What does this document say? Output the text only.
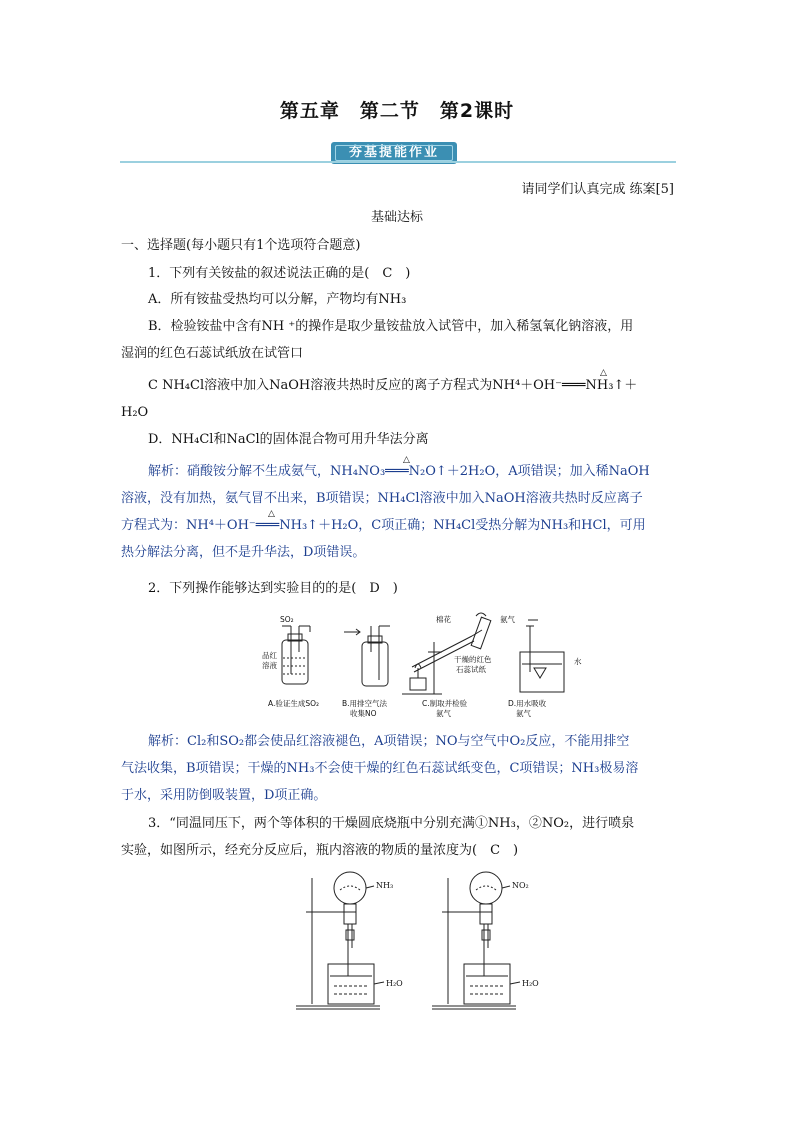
第五章　第二节　第2课时
夯基提能作业
请同学们认真完成 练案[5]
基础达标
一、选择题(每小题只有1个选项符合题意)
1．下列有关铵盐的叙述说法正确的是(　C　)
A．所有铵盐受热均可以分解，产物均有NH₃
B．检验铵盐中含有NH ⁺的操作是取少量铵盐放入试管中，加入稀氢氧化钠溶液，用
湿润的红色石蕊试纸放在试管口
△
C NH₄Cl溶液中加入NaOH溶液共热时反应的离子方程式为NH⁴＋OH⁻═══NH₃↑＋
H₂O
D．NH₄Cl和NaCl的固体混合物可用升华法分离
△
解析：硝酸铵分解不生成氨气，NH₄NO₃═══N₂O↑＋2H₂O，A项错误；加入稀NaOH
溶液，没有加热，氨气冒不出来，B项错误；NH₄Cl溶液中加入NaOH溶液共热时反应离子
△
方程式为：NH⁴＋OH⁻═══NH₃↑＋H₂O，C项正确；NH₄Cl受热分解为NH₃和HCl，可用
热分解法分离，但不是升华法，D项错误。
2．下列操作能够达到实验目的的是(　D　)
SO₂
品红
溶液
棉花	氨气
干燥的红色
石蕊试纸
水
A.验证生成SO₂	B.用排空气法
收集NO
C.制取并检验
氨气
D.用水吸收
氨气
解析：Cl₂和SO₂都会使品红溶液褪色，A项错误；NO与空气中O₂反应，不能用排空
气法收集，B项错误；干燥的NH₃不会使干燥的红色石蕊试纸变色，C项错误；NH₃极易溶
于水，采用防倒吸装置，D项正确。
3．“同温同压下，两个等体积的干燥圆底烧瓶中分别充满①NH₃，②NO₂，进行喷泉
实验，如图所示，经充分反应后，瓶内溶液的物质的量浓度为(　C　)
NH₃	NO₂
H₂O	H₂O
